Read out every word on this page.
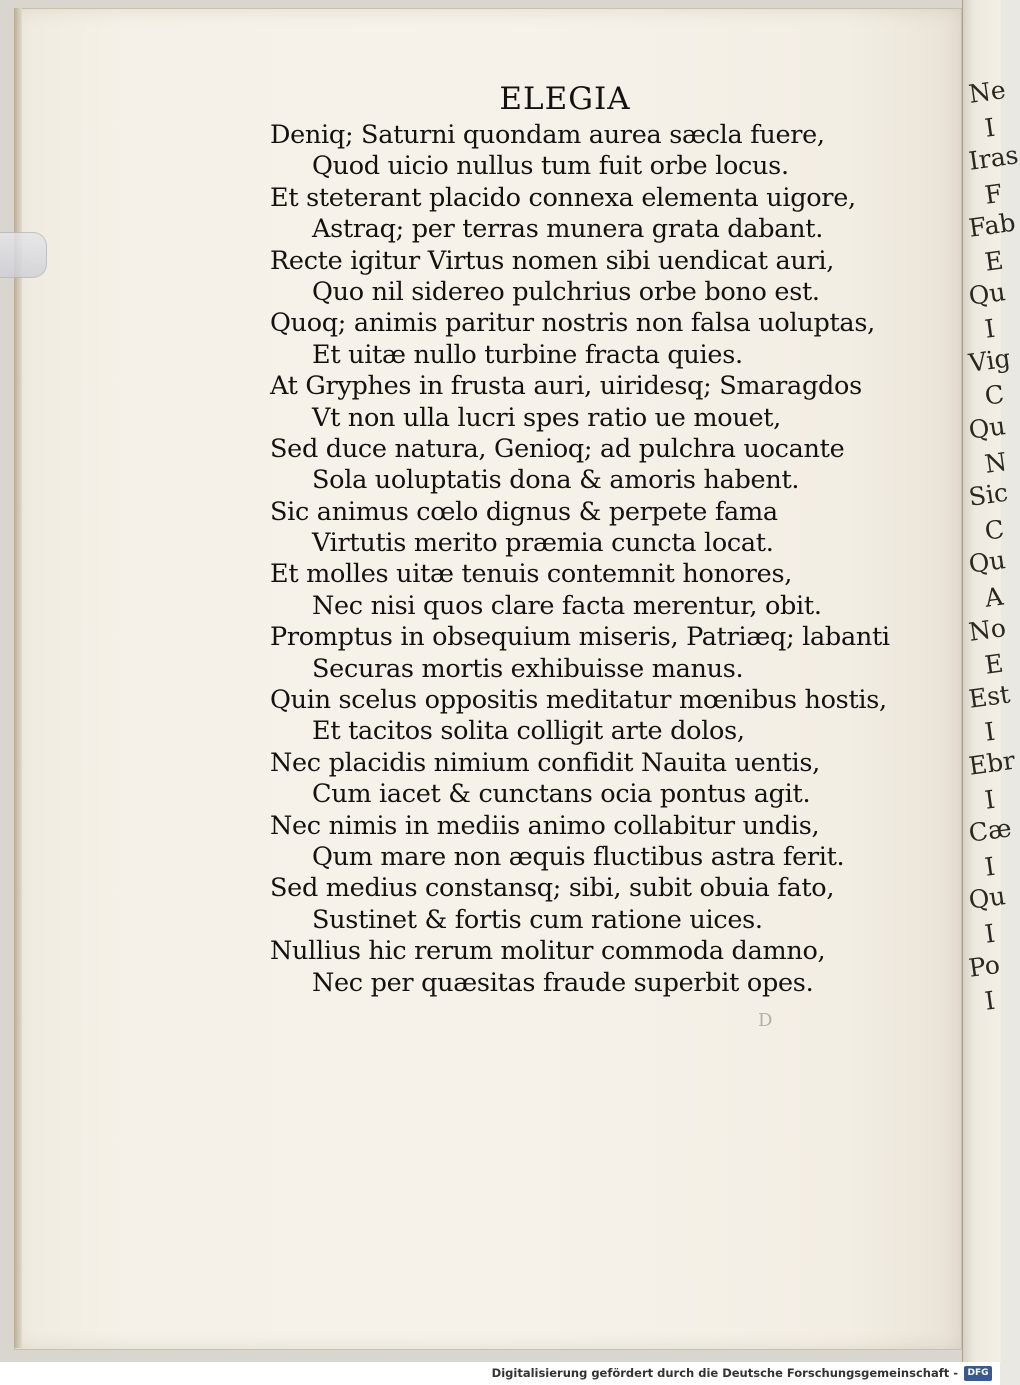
Ne
I
Iras
F
Fab
E
Qu
I
Vig
C
Qu
N
Sic
C
Qu
A
No
E
Est
I
Ebr
I
Cæ
I
Qu
I
Po
I
ELEGIA
Deniq; Saturni quondam aurea sæcla fuere,
Quod uicio nullus tum fuit orbe locus.
Et steterant placido connexa elementa uigore,
Astraq; per terras munera grata dabant.
Recte igitur Virtus nomen sibi uendicat auri,
Quo nil sidereo pulchrius orbe bono est.
Quoq; animis paritur nostris non falsa uoluptas,
Et uitæ nullo turbine fracta quies.
At Gryphes in frusta auri, uiridesq; Smaragdos
Vt non ulla lucri spes ratio ue mouet,
Sed duce natura, Genioq; ad pulchra uocante
Sola uoluptatis dona & amoris habent.
Sic animus cœlo dignus & perpete fama
Virtutis merito præmia cuncta locat.
Et molles uitæ tenuis contemnit honores,
Nec nisi quos clare facta merentur, obit.
Promptus in obsequium miseris, Patriæq; labanti
Securas mortis exhibuisse manus.
Quin scelus oppositis meditatur mœnibus hostis,
Et tacitos solita colligit arte dolos,
Nec placidis nimium confidit Nauita uentis,
Cum iacet & cunctans ocia pontus agit.
Nec nimis in mediis animo collabitur undis,
Qum mare non æquis fluctibus astra ferit.
Sed medius constansq; sibi, subit obuia fato,
Sustinet & fortis cum ratione uices.
Nullius hic rerum molitur commoda damno,
Nec per quæsitas fraude superbit opes.
D
Digitalisierung gefördert durch die Deutsche Forschungsgemeinschaft -	DFG
